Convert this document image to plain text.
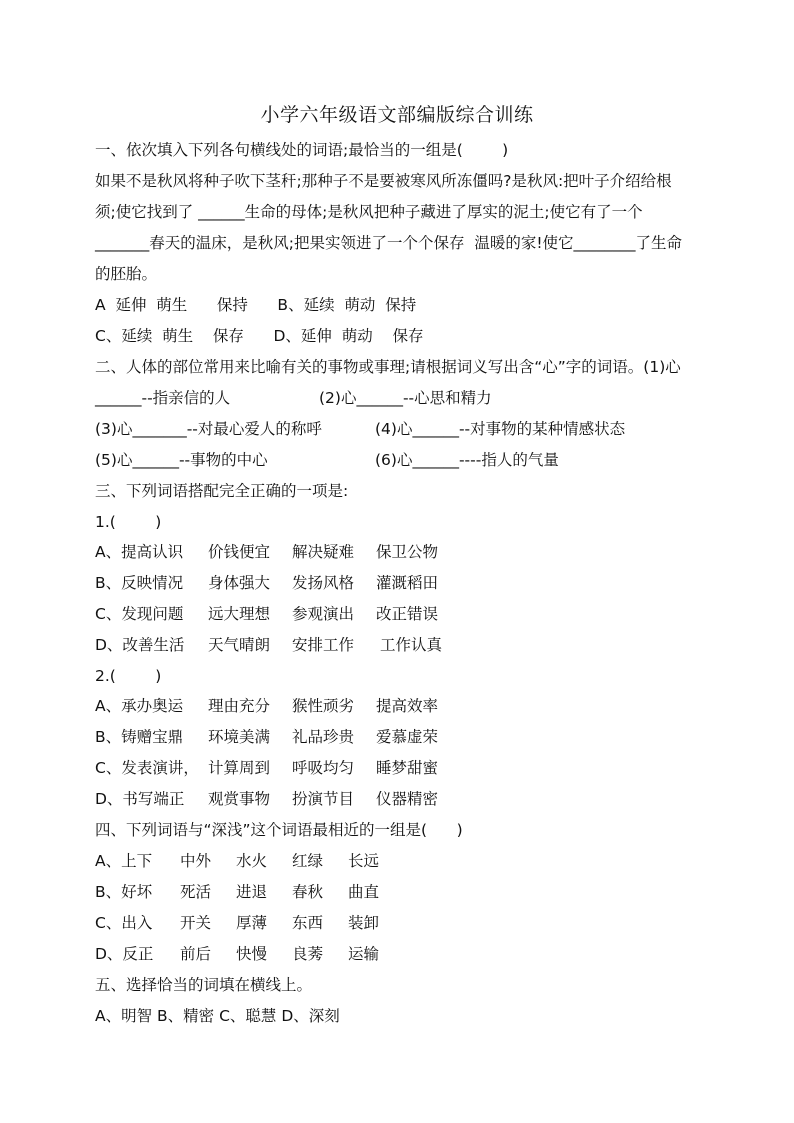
小学六年级语文部编版综合训练
一、依次填入下列各句横线处的词语;最恰当的一组是(        )
如果不是秋风将种子吹下茎秆;那种子不是要被寒风所冻僵吗?是秋风:把叶子介绍给根
须;使它找到了 ______生命的母体;是秋风把种子藏进了厚实的泥土;使它有了一个
_______春天的温床，是秋风;把果实领进了一个个保存  温暖的家!使它________了生命
的胚胎。
A  延伸  萌生      保持      B、延续  萌动  保持
C、延续  萌生    保存      D、延伸  萌动    保存
二、人体的部位常用来比喻有关的事物或事理;请根据词义写出含“心”字的词语。(1)心

______--指亲信的人

	(2)心______--心思和精力

(3)心_______--对最心爱人的称呼

	(4)心______--对事物的某种情感状态

(5)心______--事物的中心

	(6)心______----指人的气量

三、下列词语搭配完全正确的一项是:
1.(        )

A、提高认识

价钱便宜

解决疑难

保卫公物

B、反映情况

身体强大

发扬风格

灌溉稻田

C、发现问题

远大理想

参观演出

改正错误

D、改善生活

天气晴朗

安排工作

工作认真

2.(        )

A、承办奥运

理由充分

猴性顽劣

提高效率

B、铸赠宝鼎

环境美满

礼品珍贵

爱慕虚荣

C、发表演讲，

计算周到

呼吸均匀

睡梦甜蜜

D、书写端正

观赏事物

扮演节目

仪器精密

四、下列词语与“深浅”这个词语最相近的一组是(      )

A、上下

中外

水火

红绿

长远

B、好坏

死活

进退

春秋

曲直

C、出入

开关

厚薄

东西

装卸

D、反正

前后

快慢

良莠

运输

五、选择恰当的词填在横线上。
A、明智 B、精密 C、聪慧 D、深刻
